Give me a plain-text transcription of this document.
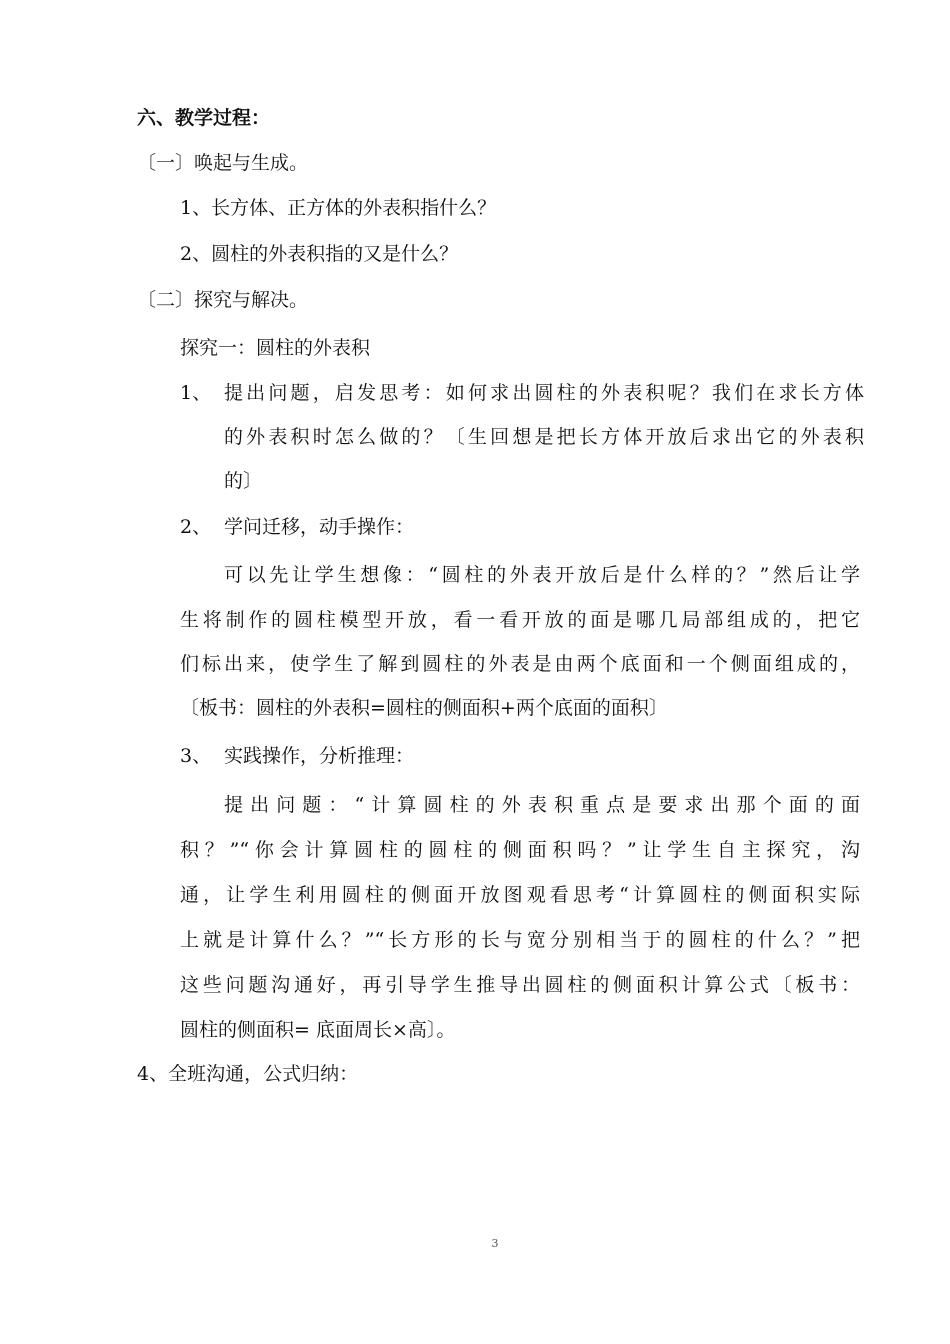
六、教学过程：
〔一〕唤起与生成。
1、长方体、正方体的外表积指什么？
2、圆柱的外表积指的又是什么？
〔二〕探究与解决。
探究一：圆柱的外表积
1、 提出问题，启发思考：如何求出圆柱的外表积呢？我们在求长方体
的外表积时怎么做的？〔生回想是把长方体开放后求出它的外表积
的〕
2、 学问迁移，动手操作：
可以先让学生想像：“圆柱的外表开放后是什么样的？”然后让学
生将制作的圆柱模型开放，看一看开放的面是哪几局部组成的，把它
们标出来，使学生了解到圆柱的外表是由两个底面和一个侧面组成的，
〔板书：圆柱的外表积=圆柱的侧面积+两个底面的面积〕
3、 实践操作，分析推理：
提出问题：“计算圆柱的外表积重点是要求出那个面的面
积？”“你会计算圆柱的圆柱的侧面积吗？”让学生自主探究，沟
通，让学生利用圆柱的侧面开放图观看思考“计算圆柱的侧面积实际
上就是计算什么？”“长方形的长与宽分别相当于的圆柱的什么？”把
这些问题沟通好，再引导学生推导出圆柱的侧面积计算公式〔板书：
圆柱的侧面积= 底面周长×高〕。
4、全班沟通，公式归纳：
3
